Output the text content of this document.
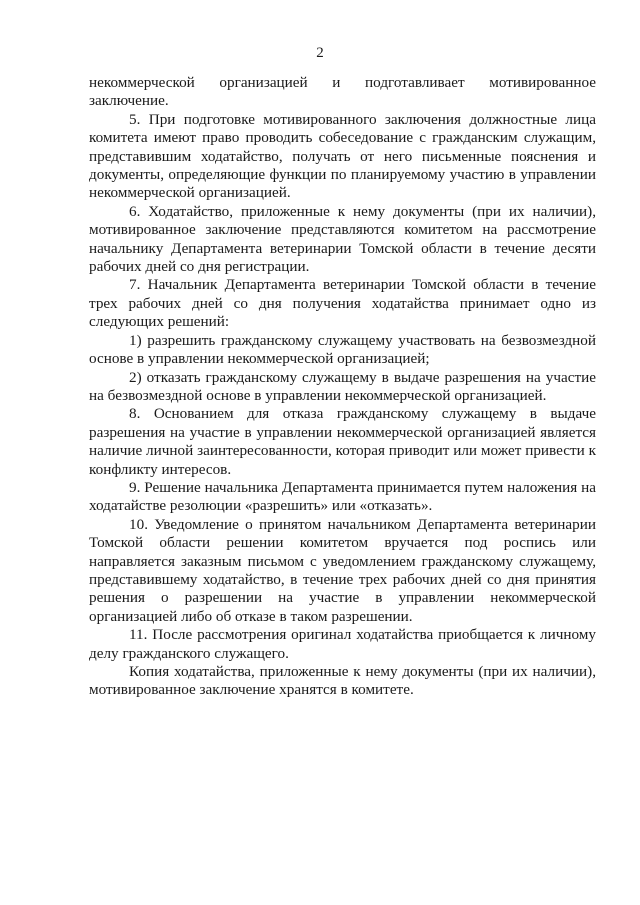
2

некоммерческой организацией и подготавливает мотивированное заключение.

5. При подготовке мотивированного заключения должностные лица комитета имеют право проводить собеседование с гражданским служащим, представившим ходатайство, получать от него письменные пояснения и документы, определяющие функции по планируемому участию в управлении некоммерческой организацией.

6. Ходатайство, приложенные к нему документы (при их наличии), мотивированное заключение представляются комитетом на рассмотрение начальнику Департамента ветеринарии Томской области в течение десяти рабочих дней со дня регистрации.

7. Начальник Департамента ветеринарии Томской области в течение трех рабочих дней со дня получения ходатайства принимает одно из следующих решений:

1) разрешить гражданскому служащему участвовать на безвозмездной основе в управлении некоммерческой организацией;

2) отказать гражданскому служащему в выдаче разрешения на участие на безвозмездной основе в управлении некоммерческой организацией.

8. Основанием для отказа гражданскому служащему в выдаче разрешения на участие в управлении некоммерческой организацией является наличие личной заинтересованности, которая приводит или может привести к конфликту интересов.

9. Решение начальника Департамента принимается путем наложения на ходатайстве резолюции «разрешить» или «отказать».

10. Уведомление о принятом начальником Департамента ветеринарии Томской области решении комитетом вручается под роспись или направляется заказным письмом с уведомлением гражданскому служащему, представившему ходатайство, в течение трех рабочих дней со дня принятия решения о разрешении на участие в управлении некоммерческой организацией либо об отказе в таком разрешении.

11. После рассмотрения оригинал ходатайства приобщается к личному делу гражданского служащего.

Копия ходатайства, приложенные к нему документы (при их наличии), мотивированное заключение хранятся в комитете.
